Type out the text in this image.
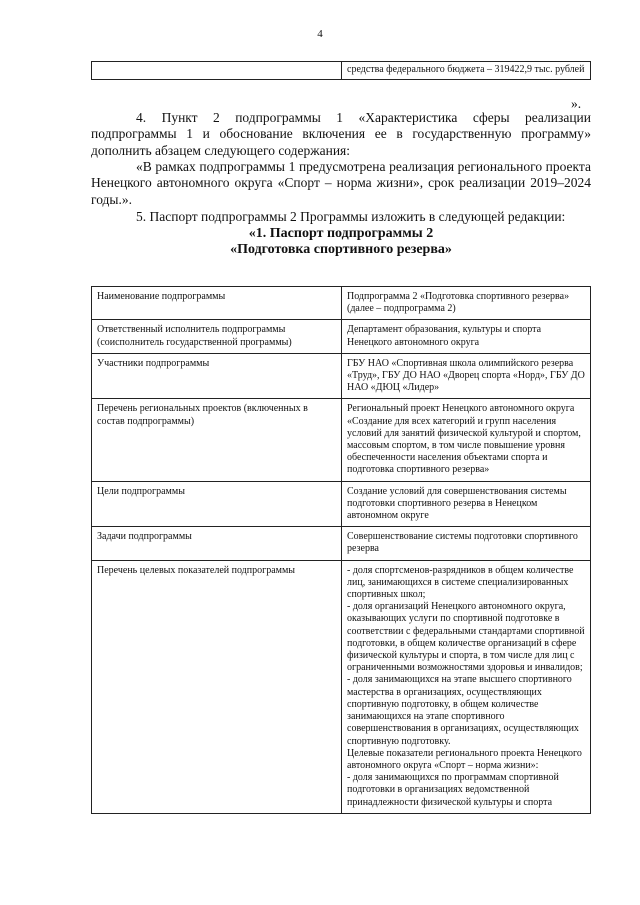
4
	средства федерального бюджета – 319422,9 тыс. рублей
».

4. Пункт 2 подпрограммы 1 «Характеристика сферы реализации подпрограммы 1 и обоснование включения ее в государственную программу» дополнить абзацем следующего содержания:

«В рамках подпрограммы 1 предусмотрена реализация регионального проекта Ненецкого автономного округа «Спорт – норма жизни», срок реализации 2019–2024 годы.».

5. Паспорт подпрограммы 2 Программы изложить в следующей редакции:

«1. Паспорт подпрограммы 2

«Подготовка спортивного резерва»

Наименование подпрограммы	Подпрограмма 2 «Подготовка спортивного резерва» (далее – подпрограмма 2)
Ответственный исполнитель подпрограммы (соисполнитель государственной программы)	Департамент образования, культуры и спорта Ненецкого автономного округа
Участники подпрограммы	ГБУ НАО «Спортивная школа олимпийского резерва «Труд», ГБУ ДО НАО «Дворец спорта «Норд», ГБУ ДО НАО «ДЮЦ «Лидер»
Перечень региональных проектов (включенных в состав подпрограммы)	Региональный проект Ненецкого автономного округа «Создание для всех категорий и групп населения условий для занятий физической культурой и спортом, массовым спортом, в том числе повышение уровня обеспеченности населения объектами спорта и подготовка спортивного резерва»
Цели подпрограммы	Создание условий для совершенствования системы подготовки спортивного резерва в Ненецком автономном округе
Задачи подпрограммы	Совершенствование системы подготовки спортивного резерва
Перечень целевых показателей подпрограммы	- доля спортсменов-разрядников в общем количестве лиц, занимающихся в системе специализированных спортивных школ;
- доля организаций Ненецкого автономного округа, оказывающих услуги по спортивной подготовке в соответствии с федеральными стандартами спортивной подготовки, в общем количестве организаций в сфере физической культуры и спорта, в том числе для лиц с ограниченными возможностями здоровья и инвалидов;
- доля занимающихся на этапе высшего спортивного мастерства в организациях, осуществляющих спортивную подготовку, в общем количестве занимающихся на этапе спортивного совершенствования в организациях, осуществляющих спортивную подготовку.
Целевые показатели регионального проекта Ненецкого автономного округа «Спорт – норма жизни»:
- доля занимающихся по программам спортивной подготовки в организациях ведомственной принадлежности физической культуры и спорта
